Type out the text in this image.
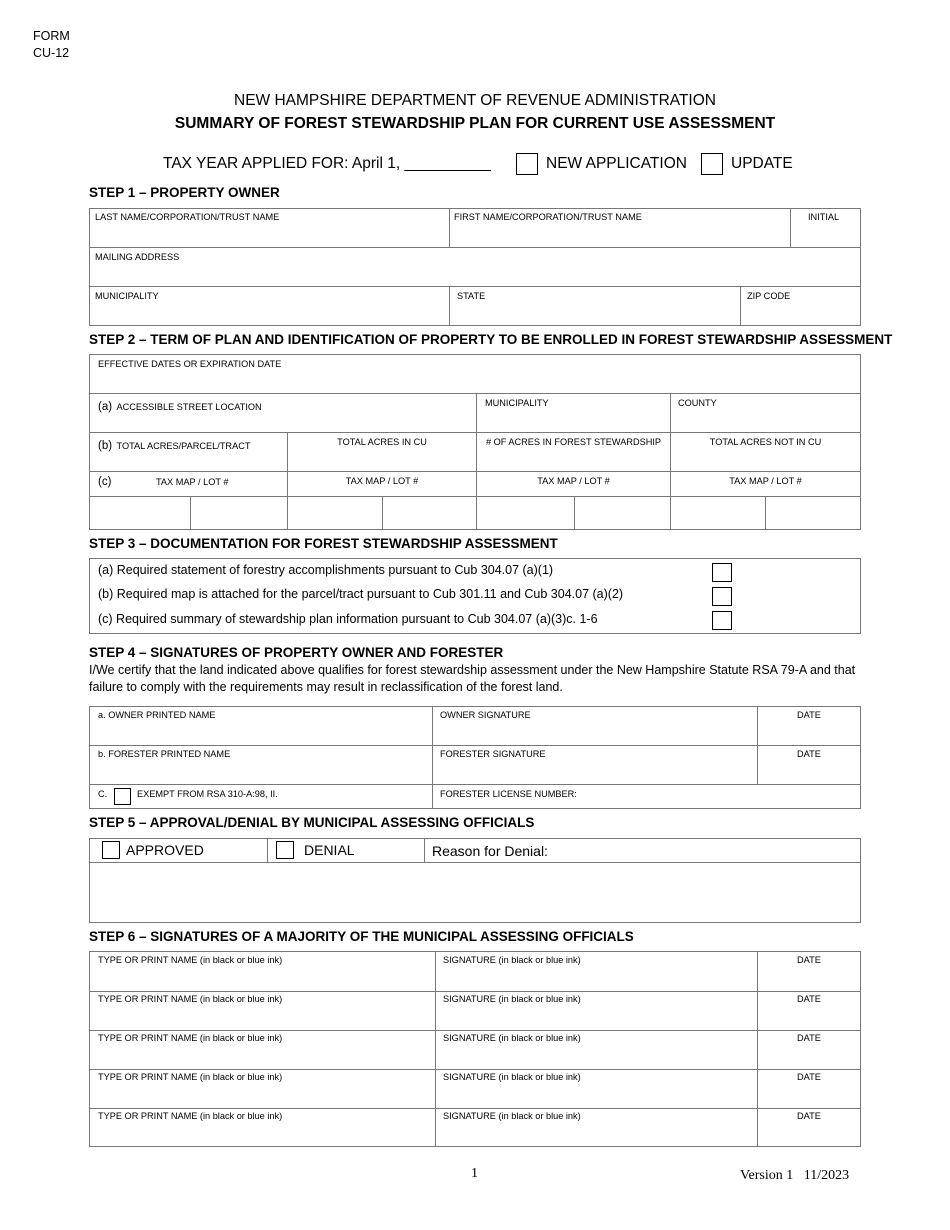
FORM
CU-12
NEW HAMPSHIRE DEPARTMENT OF REVENUE ADMINISTRATION
SUMMARY OF FOREST STEWARDSHIP PLAN FOR CURRENT USE ASSESSMENT
TAX YEAR APPLIED FOR: April 1, __________	NEW APPLICATION	UPDATE
STEP 1 – PROPERTY OWNER
LAST NAME/CORPORATION/TRUST NAME	FIRST NAME/CORPORATION/TRUST NAME	INITIAL
MAILING ADDRESS
MUNICIPALITY	STATE	ZIP CODE
STEP 2 – TERM OF PLAN AND IDENTIFICATION OF PROPERTY TO BE ENROLLED IN FOREST STEWARDSHIP ASSESSMENT
EFFECTIVE DATES OR EXPIRATION DATE
(a) ACCESSIBLE STREET LOCATION	MUNICIPALITY	COUNTY
(b) TOTAL ACRES/PARCEL/TRACT	TOTAL ACRES IN CU	# OF ACRES IN FOREST STEWARDSHIP	TOTAL ACRES NOT IN CU
(c)	TAX MAP / LOT #	TAX MAP / LOT #	TAX MAP / LOT #	TAX MAP / LOT #
STEP 3 – DOCUMENTATION FOR FOREST STEWARDSHIP ASSESSMENT
(a) Required statement of forestry accomplishments pursuant to Cub 304.07 (a)(1)
(b) Required map is attached for the parcel/tract pursuant to Cub 301.11 and Cub 304.07 (a)(2)
(c) Required summary of stewardship plan information pursuant to Cub 304.07 (a)(3)c. 1-6
STEP 4 – SIGNATURES OF PROPERTY OWNER AND FORESTER
I/We certify that the land indicated above qualifies for forest stewardship assessment under the New Hampshire Statute RSA 79-A and that failure to comply with the requirements may result in reclassification of the forest land.
a. OWNER PRINTED NAME	OWNER SIGNATURE	DATE
b. FORESTER PRINTED NAME	FORESTER SIGNATURE	DATE
C.	EXEMPT FROM RSA 310-A:98, II.	FORESTER LICENSE NUMBER:
STEP 5 – APPROVAL/DENIAL BY MUNICIPAL ASSESSING OFFICIALS
APPROVED	DENIAL	Reason for Denial:
STEP 6 – SIGNATURES OF A MAJORITY OF THE MUNICIPAL ASSESSING OFFICIALS
TYPE OR PRINT NAME (in black or blue ink)	SIGNATURE (in black or blue ink)	DATE
TYPE OR PRINT NAME (in black or blue ink)	SIGNATURE (in black or blue ink)	DATE
TYPE OR PRINT NAME (in black or blue ink)	SIGNATURE (in black or blue ink)	DATE
TYPE OR PRINT NAME (in black or blue ink)	SIGNATURE (in black or blue ink)	DATE
TYPE OR PRINT NAME (in black or blue ink)	SIGNATURE (in black or blue ink)	DATE
1	Version 1   11/2023
